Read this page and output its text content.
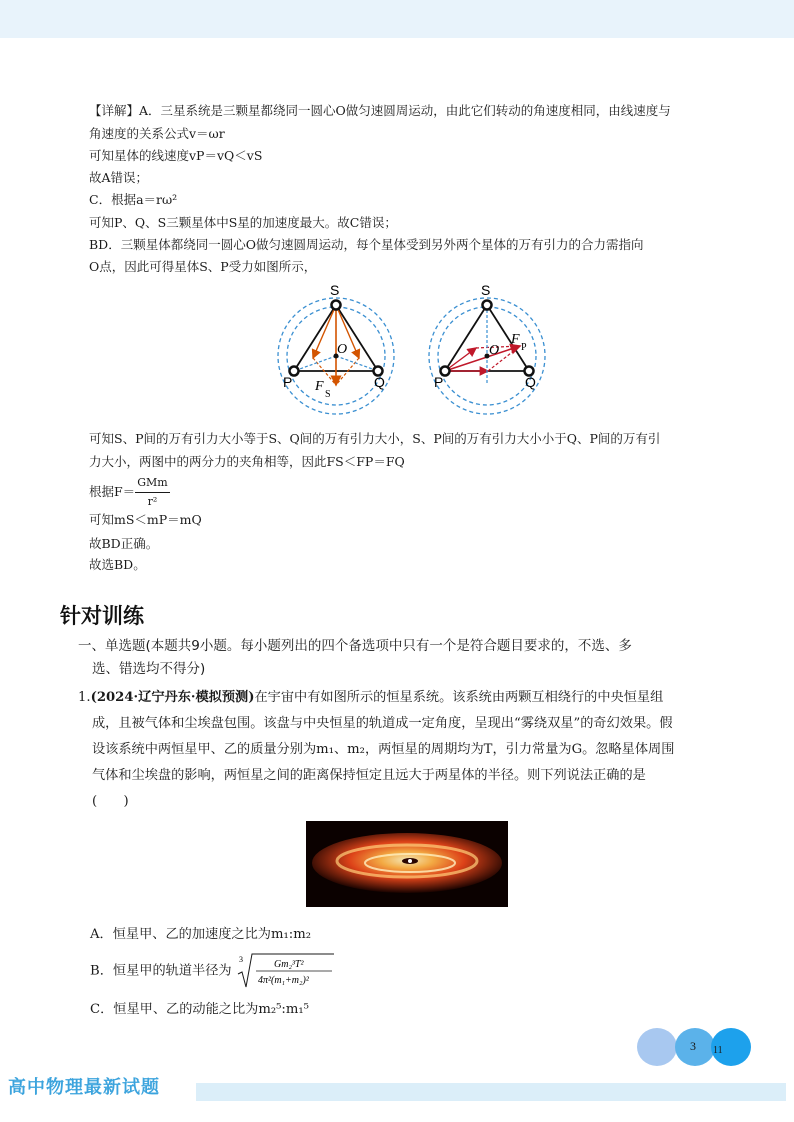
【详解】A．三星系统是三颗星都绕同一圆心O做匀速圆周运动，由此它们转动的角速度相同，由线速度与
角速度的关系公式v＝ωr
可知星体的线速度vP＝vQ＜vS
故A错误；
C．根据a＝rω²
可知P、Q、S三颗星体中S星的加速度最大。故C错误；
BD．三颗星体都绕同一圆心O做匀速圆周运动，每个星体受到另外两个星体的万有引力的合力需指向
O点，因此可得星体S、P受力如图所示，
S
P	Q
O
F
S
S
P	Q
O
F
P
可知S、P间的万有引力大小等于S、Q间的万有引力大小，S、P间的万有引力大小小于Q、P间的万有引
力大小，两图中的两分力的夹角相等，因此FS＜FP＝FQ
根据$F= \frac{\text{GMm}}{\text{r²}}$
可知mS＜mP＝mQ
故BD正确。
故选BD。
针对训练
一、单选题(本题共9小题。每小题列出的四个备选项中只有一个是符合题目要求的，不选、多
选、错选均不得分)
1.(2024·辽宁丹东·模拟预测)在宇宙中有如图所示的恒星系统。该系统由两颗互相绕行的中央恒星组
成，且被气体和尘埃盘包围。该盘与中央恒星的轨道成一定角度，呈现出“雾绕双星”的奇幻效果。假
设该系统中两恒星甲、乙的质量分别为m₁、m₂，两恒星的周期均为T，引力常量为G。忽略星体周围
气体和尘埃盘的影响，两恒星之间的距离保持恒定且远大于两星体的半径。则下列说法正确的是
(　　)
A．恒星甲、乙的加速度之比为m₁:m₂
B．恒星甲的轨道半径为
3	Gm₂³T²
4π²(m₁+m₂)²
C．恒星甲、乙的动能之比为m₂⁵:m₁⁵
3 11
高中物理最新试题
